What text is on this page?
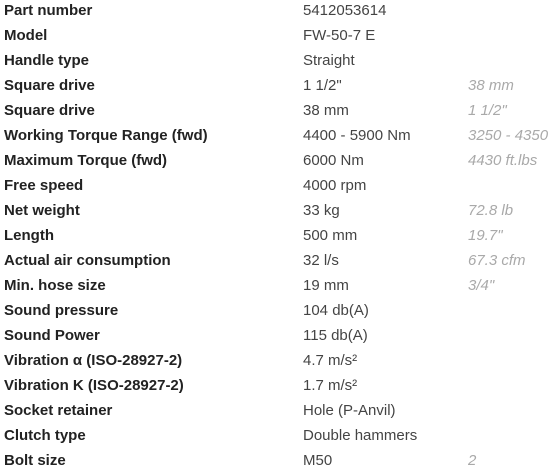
Part number	5412053614
Model	FW-50-7 E
Handle type	Straight
Square drive	1 1/2"	38 mm
Square drive	38 mm	1 1/2"
Working Torque Range (fwd)	4400 - 5900 Nm	3250 - 4350
Maximum Torque (fwd)	6000 Nm	4430 ft.lbs
Free speed	4000 rpm
Net weight	33 kg	72.8 lb
Length	500 mm	19.7"
Actual air consumption	32 l/s	67.3 cfm
Min. hose size	19 mm	3/4"
Sound pressure	104 db(A)
Sound Power	115 db(A)
Vibration α (ISO-28927-2)	4.7 m/s²
Vibration K (ISO-28927-2)	1.7 m/s²
Socket retainer	Hole (P-Anvil)
Clutch type	Double hammers
Bolt size	M50	2
